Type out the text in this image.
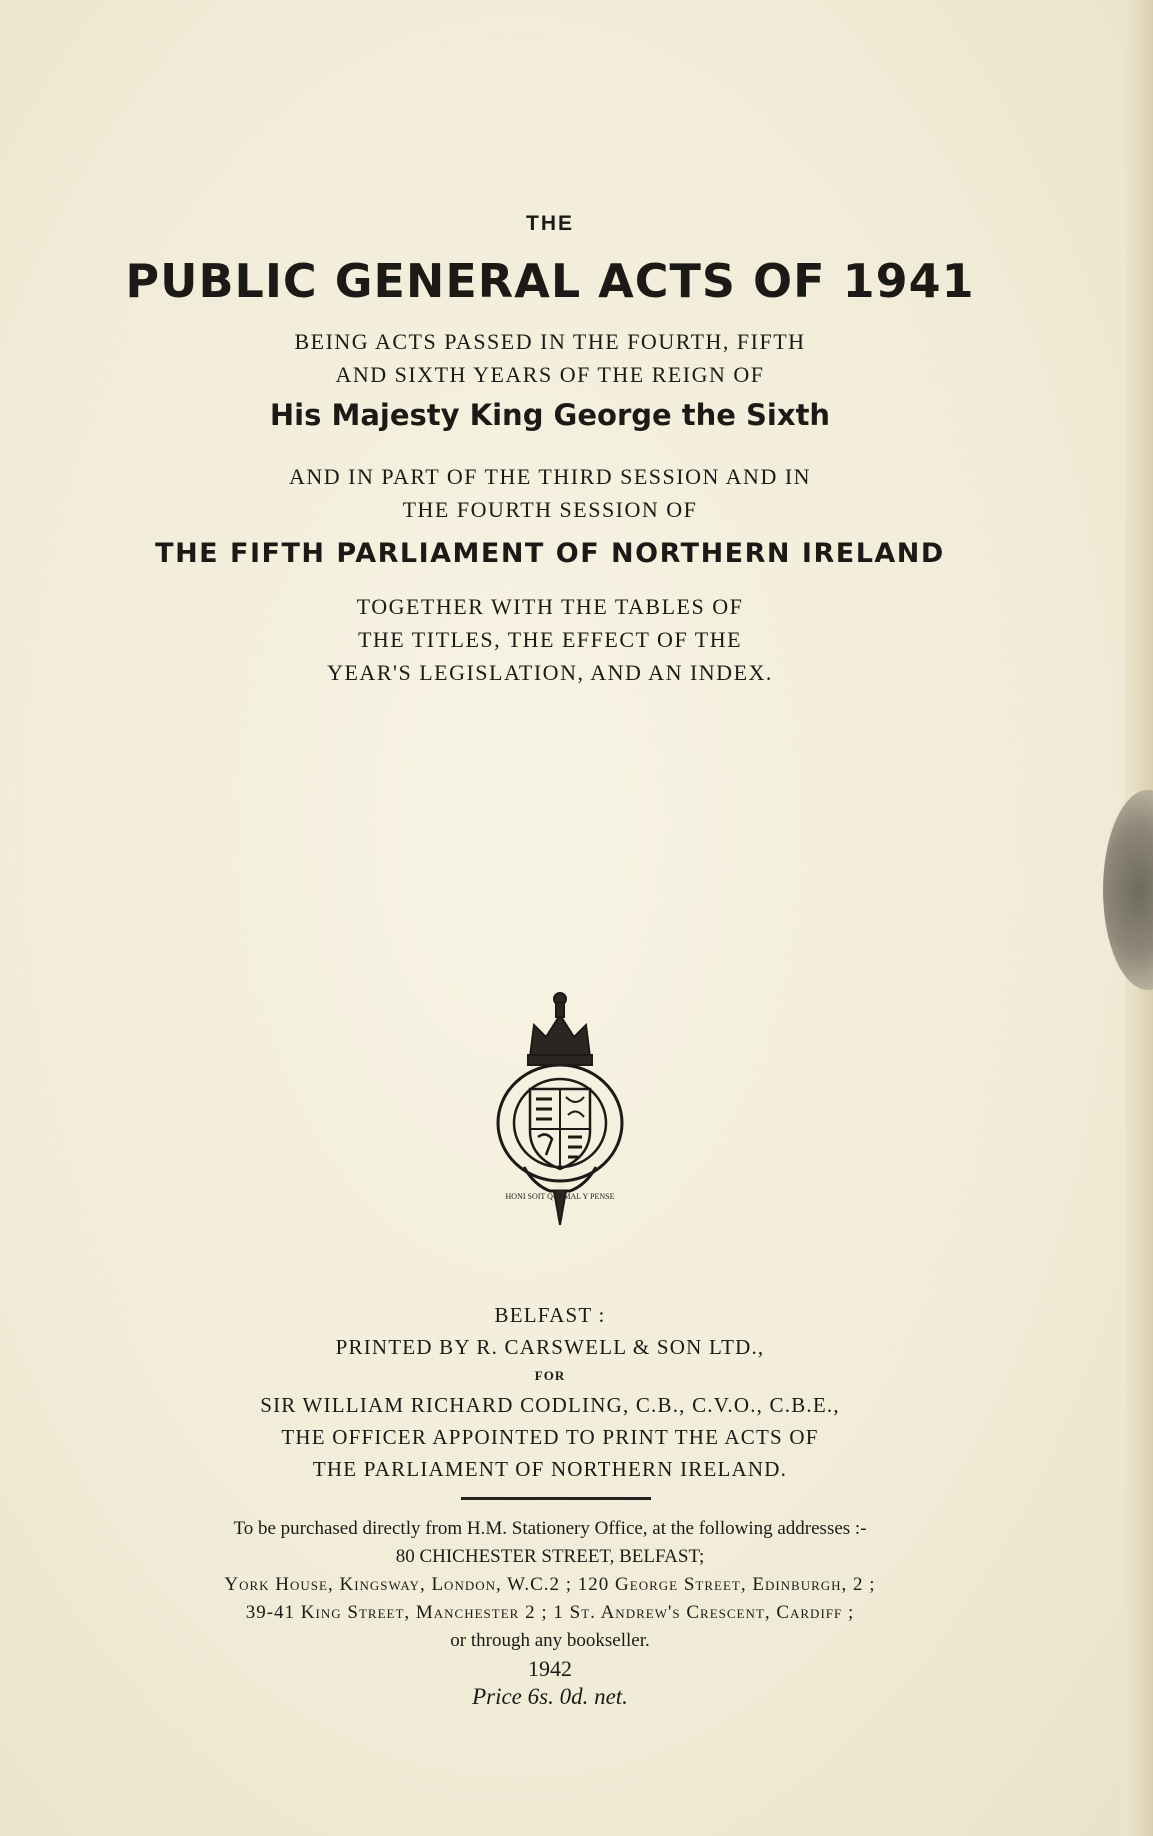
THE
PUBLIC GENERAL ACTS OF 1941
BEING ACTS PASSED IN THE FOURTH, FIFTH
AND SIXTH YEARS OF THE REIGN OF
His Majesty King George the Sixth
AND IN PART OF THE THIRD SESSION AND IN
THE FOURTH SESSION OF
THE FIFTH PARLIAMENT OF NORTHERN IRELAND
TOGETHER WITH THE TABLES OF
THE TITLES, THE EFFECT OF THE
YEAR'S LEGISLATION, AND AN INDEX.
HONI SOIT QUI MAL Y PENSE
BELFAST :
PRINTED BY R. CARSWELL & SON LTD.,
FOR
SIR WILLIAM RICHARD CODLING, C.B., C.V.O., C.B.E.,
THE OFFICER APPOINTED TO PRINT THE ACTS OF
THE PARLIAMENT OF NORTHERN IRELAND.
To be purchased directly from H.M. Stationery Office, at the following addresses :-
80 CHICHESTER STREET, BELFAST;
York House, Kingsway, London, W.C.2 ; 120 George Street, Edinburgh, 2 ;
39-41 King Street, Manchester 2 ; 1 St. Andrew's Crescent, Cardiff ;
or through any bookseller.
1942
Price 6s. 0d. net.
